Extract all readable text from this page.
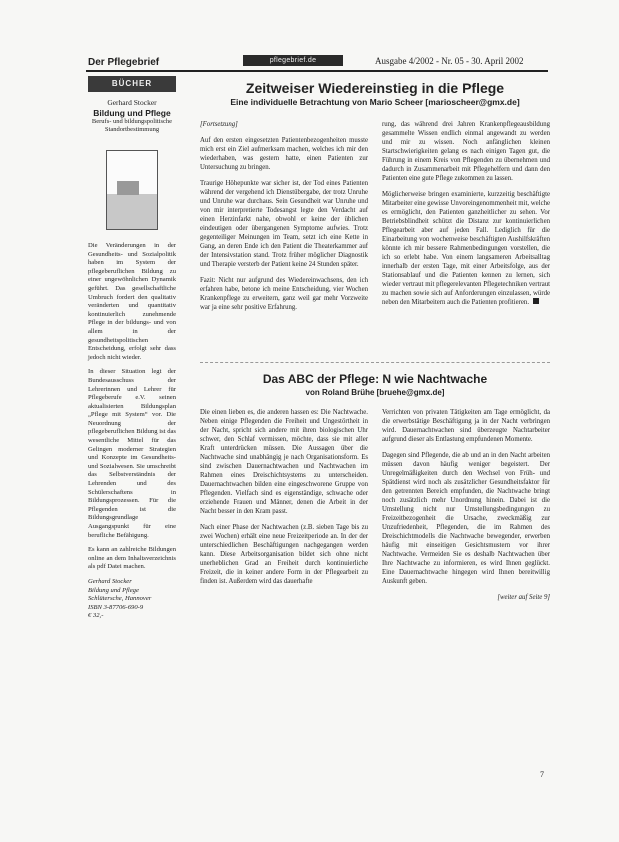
Der Pflegebrief	pflegebrief.de	Ausgabe 4/2002 - Nr. 05 - 30. April 2002
BÜCHER
Gerhard Stocker
Bildung und Pflege
Berufs- und bildungspolitische Standortbestimmung
Die Veränderungen in der Gesundheits- und Sozialpolitik haben im System der pflegeberuflichen Bildung zu einer ungewöhnlichen Dynamik geführt. Das gesellschaftliche Umbruch fordert den qualitativ veränderten und quantitativ kontinuierlich zunehmende Pflege in der bildungs- und von allem in der gesundheitspolitischen Entscheidung, erfolgt sehr dass jedoch nicht wieder.
In dieser Situation legt der Bundesausschuss der Lehrerinnen und Lehrer für Pflegeberufe e.V. seinen aktualisierten Bildungsplan „Pflege mit System“ vor. Die Neuordnung der pflegeberuflichen Bildung ist das wesentliche Mittel für das Gelingen moderner Strategien und Konzepte im Gesundheits- und Sozialwesen. Sie umschreibt das Selbstverständnis der Lehrenden und des Schülerschaftens in Bildungsprozessen. Für die Pflegenden ist die Bildungsgrundlage Ausgangspunkt für eine berufliche Befähigung.
Es kann an zahlreiche Bildungen online an dem Inhaltsverzeichnis als pdf Datei machen.
Gerhard Stocker
Bildung und Pflege
Schlütersche, Hannover
ISBN 3-87706-690-9
€ 32,-
Zeitweiser Wiedereinstieg in die Pflege
Eine individuelle Betrachtung von Mario Scheer [marioscheer@gmx.de]

[Fortsetzung]

Auf den ersten eingesetzten Patientenbezogenheiten musste mich erst ein Ziel aufmerksam machen, welches ich mir den wiederhaben, was gestern hatte, einen Patienten zur Untersuchung zu bringen.

Traurige Höhepunkte war sicher ist, der Tod eines Patienten während der vergehend ich Dienstübergabe, der trotz Unruhe und Unruhe war durchaus. Sein Gesundheit war Unruhe und von mir interpretierte Todesangst legte den Verdacht auf einen Herzinfarkt nahe, obwohl er keine der üblichen eindeutigen oder übergangenen Symptome aufwies. Trotz gegenteiliger Meinungen im Team, setzt ich eine Kette in Gang, an deren Ende ich den Patient die Theaterkammer auf der Intensivstation stand. Trotz früher möglicher Diagnostik und Therapie versterb der Patient keine 24 Stunden später.

Fazit: Nicht nur aufgrund des Wiedereinwachsens, den ich erfahren habe, betone ich meine Entscheidung, vier Wochen Krankenpflege zu erweitern, ganz weil gar mehr Vorzweite war ja eine sehr positive Erfahrung.

rung, das während drei Jahren Krankenpflegeausbildung gesammelte Wissen endlich einmal angewandt zu werden und mir zu wissen. Noch anfänglichen kleinen Startschwierigkeiten gelang es nach einigen Tagen gut, die Führung in einem Kreis von Pflegenden zu übernehmen und dadurch in Zusammenarbeit mit Pflegehelfern und dann den Patienten eine gute Pflege zukommen zu lassen.

Möglicherweise bringen examinierte, kurzzeitig beschäftigte Mitarbeiter eine gewisse Unvoreingenommenheit mit, welche es ermöglicht, den Patienten ganzheitlicher zu sehen. Vor Betriebsblindheit schützt die Distanz zur kontinuierlichen Pflegearbeit aber auf jeden Fall. Lediglich für die Einarbeitung von wochenweise beschäftigten Aushilfskräften könnte ich mir bessere Rahmenbedingungen vorstellen, die ich so erlebt habe. Von einem langsameren Arbeitsalltag innerhalb der ersten Tage, mit einer Arbeitsfolge, aus der Stationsablauf und die Patienten kennen zu lernen, sich wieder vertraut mit pflegerelevanten Pflegetechniken vertraut zu machen sowie sich auf Anforderungen einzulassen, würde neben den Mitarbeitern auch die Patienten profitieren.

Das ABC der Pflege: N wie Nachtwache
von Roland Brühe [bruehe@gmx.de]

Die einen lieben es, die anderen hassen es: Die Nachtwache. Neben einige Pflegenden die Freiheit und Ungestörtheit in der Nacht, spricht sich andere mit ihren biologischen Uhr schwer, den Schlaf vermissen, möchte, dass sie mit aller Kraft unterdrücken müssen. Die Aussagen über die Nachtwache sind unabhängig je nach Organisationsform. Es sind zwischen Dauernachtwachen und Nachtwachen im Rahmen eines Dreischichtsystems zu unterscheiden. Dauernachtwachen bilden eine eingeschworene Gruppe von Pflegenden. Vielfach sind es eigenständige, schwache oder erziehende Frauen und Männer, denen die Arbeit in der Nacht besser in den Kram passt.

Nach einer Phase der Nachtwachen (z.B. sieben Tage bis zu zwei Wochen) erhält eine neue Freizeitperiode an. In der der unterschiedlichen Beschäftigungen nachgegangen werden kann. Diese Arbeitsorganisation bildet sich ohne nicht unerheblichen Grad an Freiheit durch kontinuierliche Freizeit, die in keiner andere Form in der Pflegearbeit zu finden ist. Außerdem wird das dauerhafte

Verrichten von privaten Tätigkeiten am Tage ermöglicht, da die erwerbstätige Beschäftigung ja in der Nacht verbringen wird. Dauernachtwachen sind überzeugte Nachtarbeiter aufgrund dieser als Entlastung empfundenen Momente.

Dagegen sind Pflegende, die ab und an in den Nacht arbeiten müssen davon häufig weniger begeistert. Der Unregelmäßigkeiten durch den Wechsel von Früh- und Spätdienst wird noch als zusätzlicher Gesundheitsfaktor für den getrennten Bereich empfunden, die Nachtwache bringt noch zusätzlich mehr Unordnung hinein. Dabei ist die Umstellung nicht nur Umstellungsbedingungen zu Freizeitbezogenheit die Ursache, zweckmäßig zur Unzufriedenheit, Pflegenden, die im Rahmen des Dreischichtmodells die Nachtwache bewegender, erwerben häufig mit einseitigen Gesichtsmustern vor ihrer Nachtwache. Vermeiden Sie es deshalb Nachtwachen über Ihre Nachtwache zu informieren, es wird Ihnen geglückt. Eine Dauernachtwache hingegen wird Ihnen bereitwillig Auskunft geben.

[weiter auf Seite 9]

7
